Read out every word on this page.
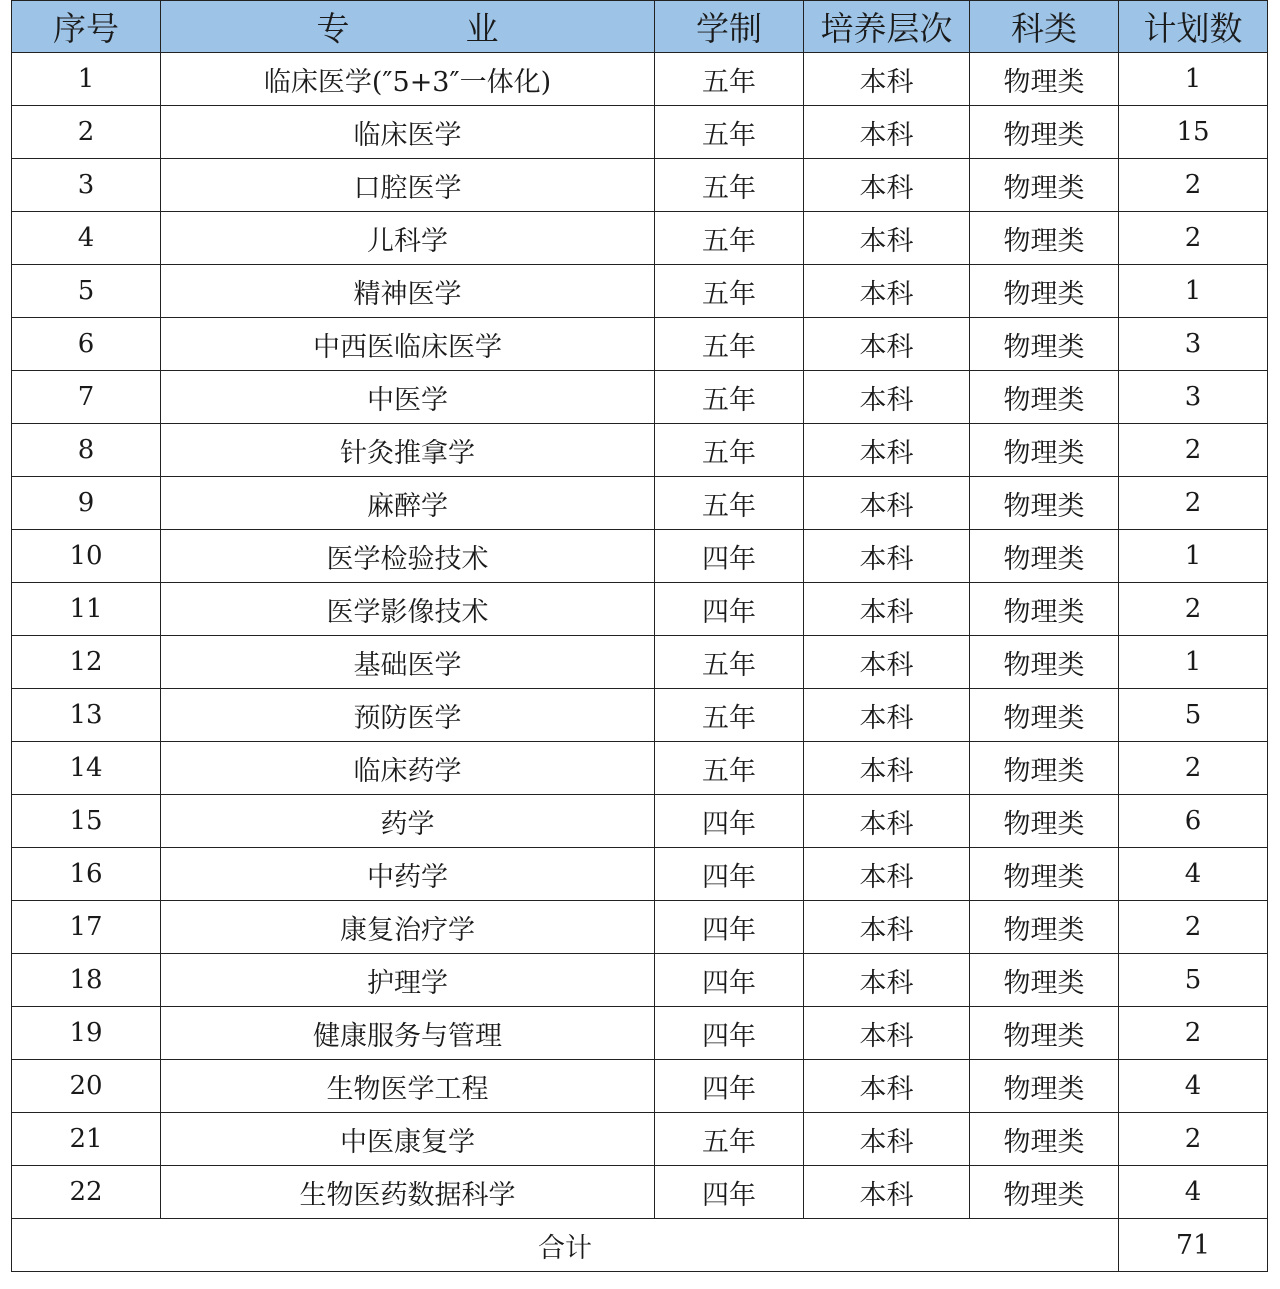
序号	专 业	学制	培养层次	科类	计划数
1	临床医学(″5+3″一体化)	五年	本科	物理类	1
2	临床医学	五年	本科	物理类	15
3	口腔医学	五年	本科	物理类	2
4	儿科学	五年	本科	物理类	2
5	精神医学	五年	本科	物理类	1
6	中西医临床医学	五年	本科	物理类	3
7	中医学	五年	本科	物理类	3
8	针灸推拿学	五年	本科	物理类	2
9	麻醉学	五年	本科	物理类	2
10	医学检验技术	四年	本科	物理类	1
11	医学影像技术	四年	本科	物理类	2
12	基础医学	五年	本科	物理类	1
13	预防医学	五年	本科	物理类	5
14	临床药学	五年	本科	物理类	2
15	药学	四年	本科	物理类	6
16	中药学	四年	本科	物理类	4
17	康复治疗学	四年	本科	物理类	2
18	护理学	四年	本科	物理类	5
19	健康服务与管理	四年	本科	物理类	2
20	生物医学工程	四年	本科	物理类	4
21	中医康复学	五年	本科	物理类	2
22	生物医药数据科学	四年	本科	物理类	4
合计					71
